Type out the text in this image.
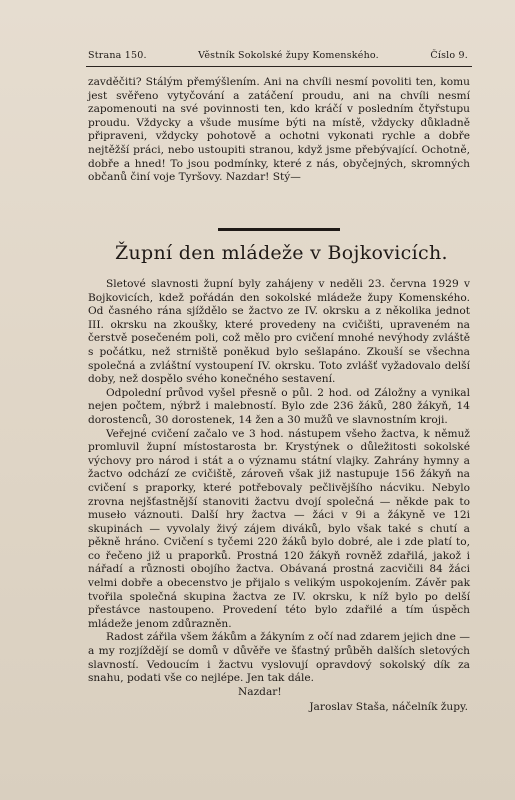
Strana 150.	Věstník Sokolské župy Komenského.	Číslo 9.

zavděčiti? Stálým přemýšlením. Ani na chvíli nesmí povoliti ten, komu jest svěřeno vytyčování a zatáčení proudu, ani na chvíli nesmí zapomenouti na své povinnosti ten, kdo kráčí v posledním čtyřstupu proudu. Vždycky a všude musíme býti na místě, vždycky důkladně připraveni, vždycky pohotově a ochotni vykonati rychle a dobře nejtěžší práci, nebo ustoupiti stranou, když jsme přebývající. Ochotně, dobře a hned! To jsou podmínky, které z nás, obyčejných, skromných občanů činí voje Tyršovy. Nazdar! Stý—

Župní den mládeže v Bojkovicích.

Sletové slavnosti župní byly zahájeny v neděli 23. června 1929 v Bojkovicích, kdež pořádán den sokolské mládeže župy Komenského. Od časného rána sjíždělo se žactvo ze IV. okrsku a z několika jednot III. okrsku na zkoušky, které provedeny na cvičišti, upraveném na čerstvě posečeném poli, což mělo pro cvičení mnohé nevýhody zvláště s počátku, než strniště poněkud bylo sešlapáno. Zkouší se všechna společná a zvláštní vystoupení IV. okrsku. Toto zvlášť vyžadovalo delší doby, než dospělo svého konečného sestavení.

Odpolední průvod vyšel přesně o půl. 2 hod. od Záložny a vynikal nejen počtem, nýbrž i malebností. Bylo zde 236 žáků, 280 žákyň, 14 dorostenců, 30 dorostenek, 14 žen a 30 mužů ve slavnostním kroji.

Veřejné cvičení začalo ve 3 hod. nástupem všeho žactva, k němuž promluvil župní místostarosta br. Krystýnek o důležitosti sokolské výchovy pro národ i stát a o významu státní vlajky. Zahrány hymny a žactvo odchází ze cvičiště, zároveň však již nastupuje 156 žákyň na cvičení s praporky, které potřebovaly pečlivějšího nácviku. Nebylo zrovna nejšťastnější stanoviti žactvu dvojí společná — někde pak to museło váznouti. Další hry žactva — žáci v 9i a žákyně ve 12i skupinách — vyvolaly živý zájem diváků, bylo však také s chutí a pěkně hráno. Cvičení s tyčemi 220 žáků bylo dobré, ale i zde platí to, co řečeno již u praporků. Prostná 120 žákyň rovněž zdařilá, jakož i nářadí a různosti obojího žactva. Obávaná prostná zacvičili 84 žáci velmi dobře a obecenstvo je přijalo s velikým uspokojením. Závěr pak tvořila společná skupina žactva ze IV. okrsku, k níž bylo po delší přestávce nastoupeno. Provedení této bylo zdařilé a tím úspěch mládeže jenom zdůrazněn.

Radost zářila všem žákům a žákyním z očí nad zdarem jejich dne — a my rozjíždějí se domů v důvěře ve šťastný průběh dalších sletových slavností. Vedoucím i žactvu vyslovují opravdový sokolský dík za snahu, podati vše co nejlépe. Jen tak dále.

Nazdar!

Jaroslav Staša, náčelník župy.
